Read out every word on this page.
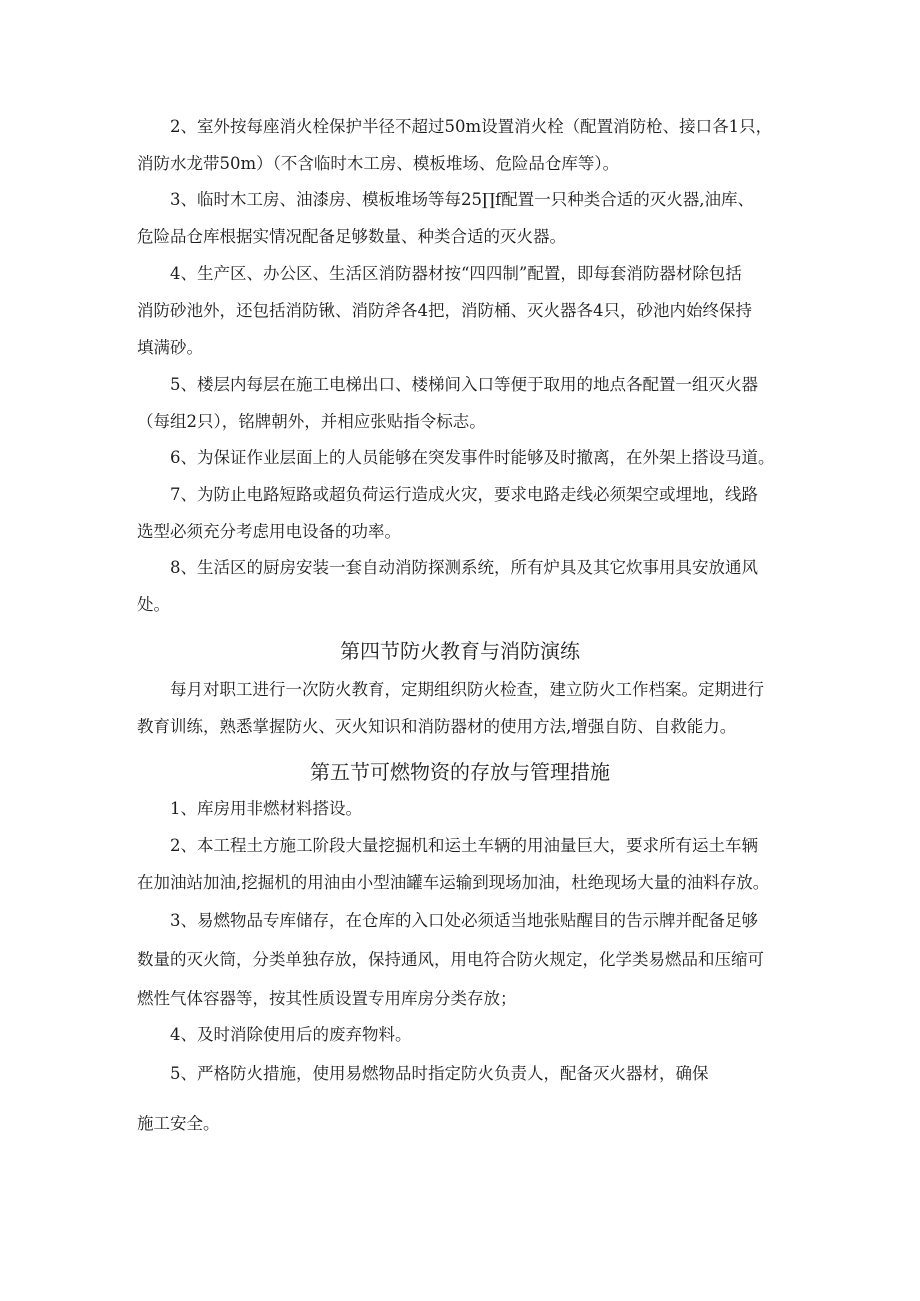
2、室外按每座消火栓保护半径不超过50m设置消火栓（配置消防枪、接口各1只，
消防水龙带50m）（不含临时木工房、模板堆场、危险品仓库等）。
3、临时木工房、油漆房、模板堆场等每25∏f配置一只种类合适的灭火器,油库、
危险品仓库根据实情况配备足够数量、种类合适的灭火器。
4、生产区、办公区、生活区消防器材按“四四制”配置，即每套消防器材除包括
消防砂池外，还包括消防锹、消防斧各4把，消防桶、灭火器各4只，砂池内始终保持
填满砂。
5、楼层内每层在施工电梯出口、楼梯间入口等便于取用的地点各配置一组灭火器
（每组2只），铭牌朝外，并相应张贴指令标志。
6、为保证作业层面上的人员能够在突发事件时能够及时撤离，在外架上搭设马道。
7、为防止电路短路或超负荷运行造成火灾，要求电路走线必须架空或埋地，线路
选型必须充分考虑用电设备的功率。
8、生活区的厨房安装一套自动消防探测系统，所有炉具及其它炊事用具安放通风
处。
第四节防火教育与消防演练
每月对职工进行一次防火教育，定期组织防火检查，建立防火工作档案。定期进行
教育训练，熟悉掌握防火、灭火知识和消防器材的使用方法,增强自防、自救能力。
第五节可燃物资的存放与管理措施
1、库房用非燃材料搭设。
2、本工程土方施工阶段大量挖掘机和运土车辆的用油量巨大，要求所有运土车辆
在加油站加油,挖掘机的用油由小型油罐车运输到现场加油，杜绝现场大量的油料存放。
3、易燃物品专库储存，在仓库的入口处必须适当地张贴醒目的告示牌并配备足够
数量的灭火筒，分类单独存放，保持通风，用电符合防火规定，化学类易燃品和压缩可
燃性气体容器等，按其性质设置专用库房分类存放；
4、及时消除使用后的废弃物料。
5、严格防火措施，使用易燃物品时指定防火负责人，配备灭火器材，确保
施工安全。
